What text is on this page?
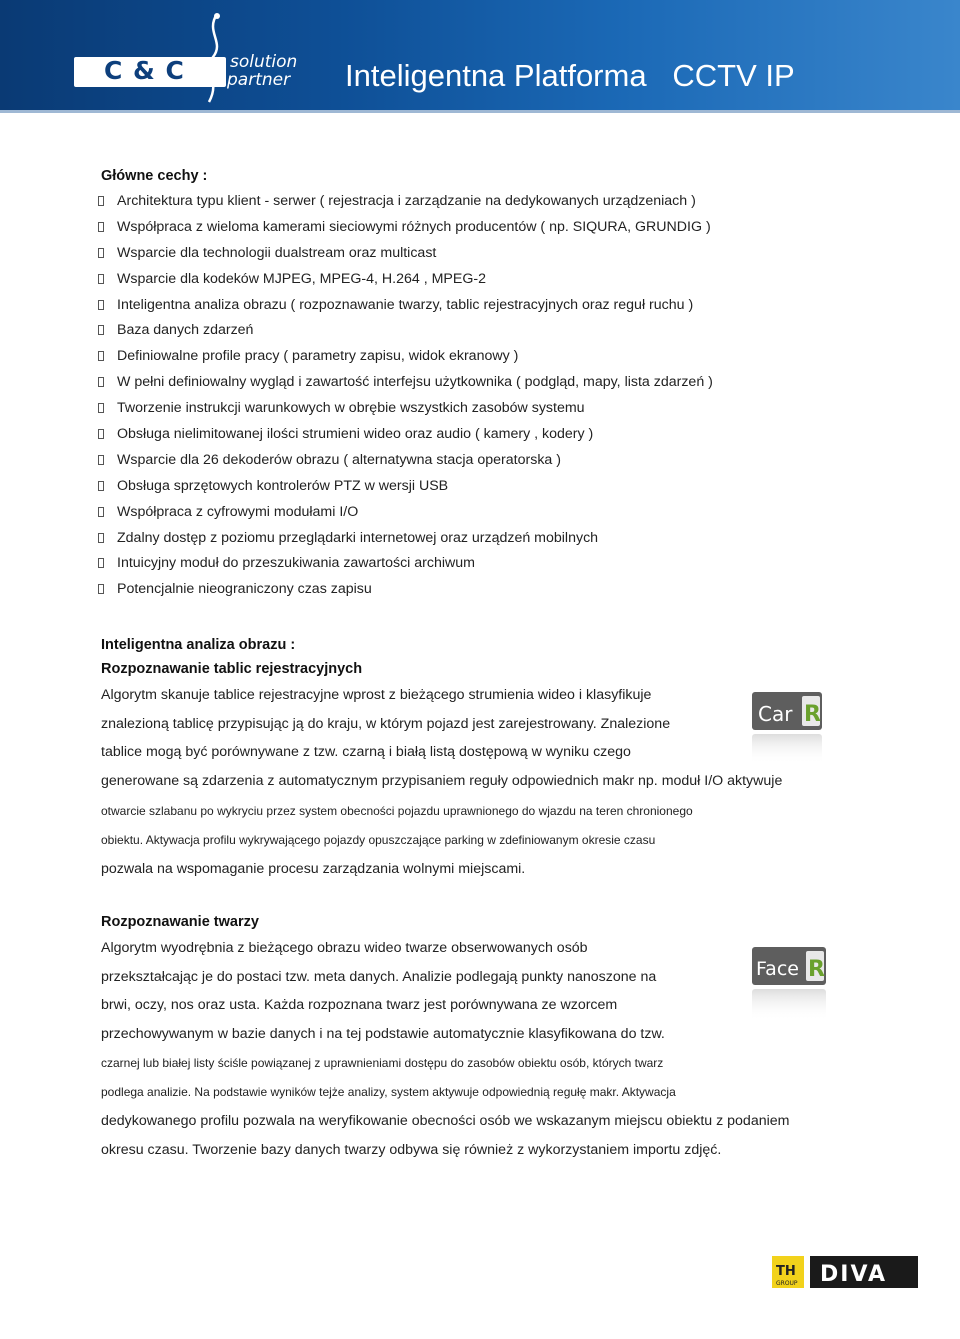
C & C	solution
partner Inteligentna Platforma   CCTV IP
Główne cechy :
Architektura typu klient - serwer ( rejestracja i zarządzanie na dedykowanych urządzeniach )
Współpraca z wieloma kamerami sieciowymi różnych producentów ( np. SIQURA, GRUNDIG )
Wsparcie dla technologii dualstream oraz multicast
Wsparcie dla kodeków MJPEG, MPEG-4, H.264 , MPEG-2
Inteligentna analiza obrazu ( rozpoznawanie twarzy, tablic rejestracyjnych oraz reguł ruchu )
Baza danych zdarzeń
Definiowalne profile pracy ( parametry zapisu, widok ekranowy )
W pełni definiowalny wygląd i zawartość interfejsu użytkownika ( podgląd, mapy, lista zdarzeń )
Tworzenie instrukcji warunkowych w obrębie wszystkich zasobów systemu
Obsługa nielimitowanej ilości strumieni wideo oraz audio ( kamery , kodery )
Wsparcie dla 26 dekoderów obrazu ( alternatywna stacja operatorska )
Obsługa sprzętowych kontrolerów PTZ w wersji USB
Współpraca z cyfrowymi modułami I/O
Zdalny dostęp z poziomu przeglądarki internetowej oraz urządzeń mobilnych
Intuicyjny moduł do przeszukiwania zawartości archiwum
Potencjalnie nieograniczony czas zapisu
Inteligentna analiza obrazu :
Rozpoznawanie tablic rejestracyjnych
Algorytm skanuje tablice rejestracyjne wprost z bieżącego strumienia wideo i klasyfikuje
znalezioną tablicę przypisując ją do kraju, w którym pojazd jest zarejestrowany. Znalezione
tablice mogą być porównywane z tzw. czarną i białą listą dostępową w wyniku czego
generowane są zdarzenia z automatycznym przypisaniem reguły odpowiednich makr np. moduł I/O aktywuje
otwarcie szlabanu po wykryciu przez system obecności pojazdu uprawnionego do wjazdu na teren chronionego
obiektu. Aktywacja profilu wykrywającego pojazdy opuszczające parking w zdefiniowanym okresie czasu
pozwala na wspomaganie procesu zarządzania wolnymi miejscami.
Car R
Rozpoznawanie twarzy
Algorytm wyodrębnia z bieżącego obrazu wideo twarze obserwowanych osób
przekształcając je do postaci tzw. meta danych. Analizie podlegają punkty nanoszone na
brwi, oczy, nos oraz usta. Każda rozpoznana twarz jest porównywana ze wzorcem
przechowywanym w bazie danych i na tej podstawie automatycznie klasyfikowana do tzw.
czarnej lub białej listy ściśle powiązanej z uprawnieniami dostępu do zasobów obiektu osób, których twarz
podlega analizie. Na podstawie wyników tejże analizy, system aktywuje odpowiednią regułę makr. Aktywacja
dedykowanego profilu pozwala na weryfikowanie obecności osób we wskazanym miejscu obiektu z podaniem
okresu czasu. Tworzenie bazy danych twarzy odbywa się również z wykorzystaniem importu zdjęć.
Face R
TH
GROUP DIVA
